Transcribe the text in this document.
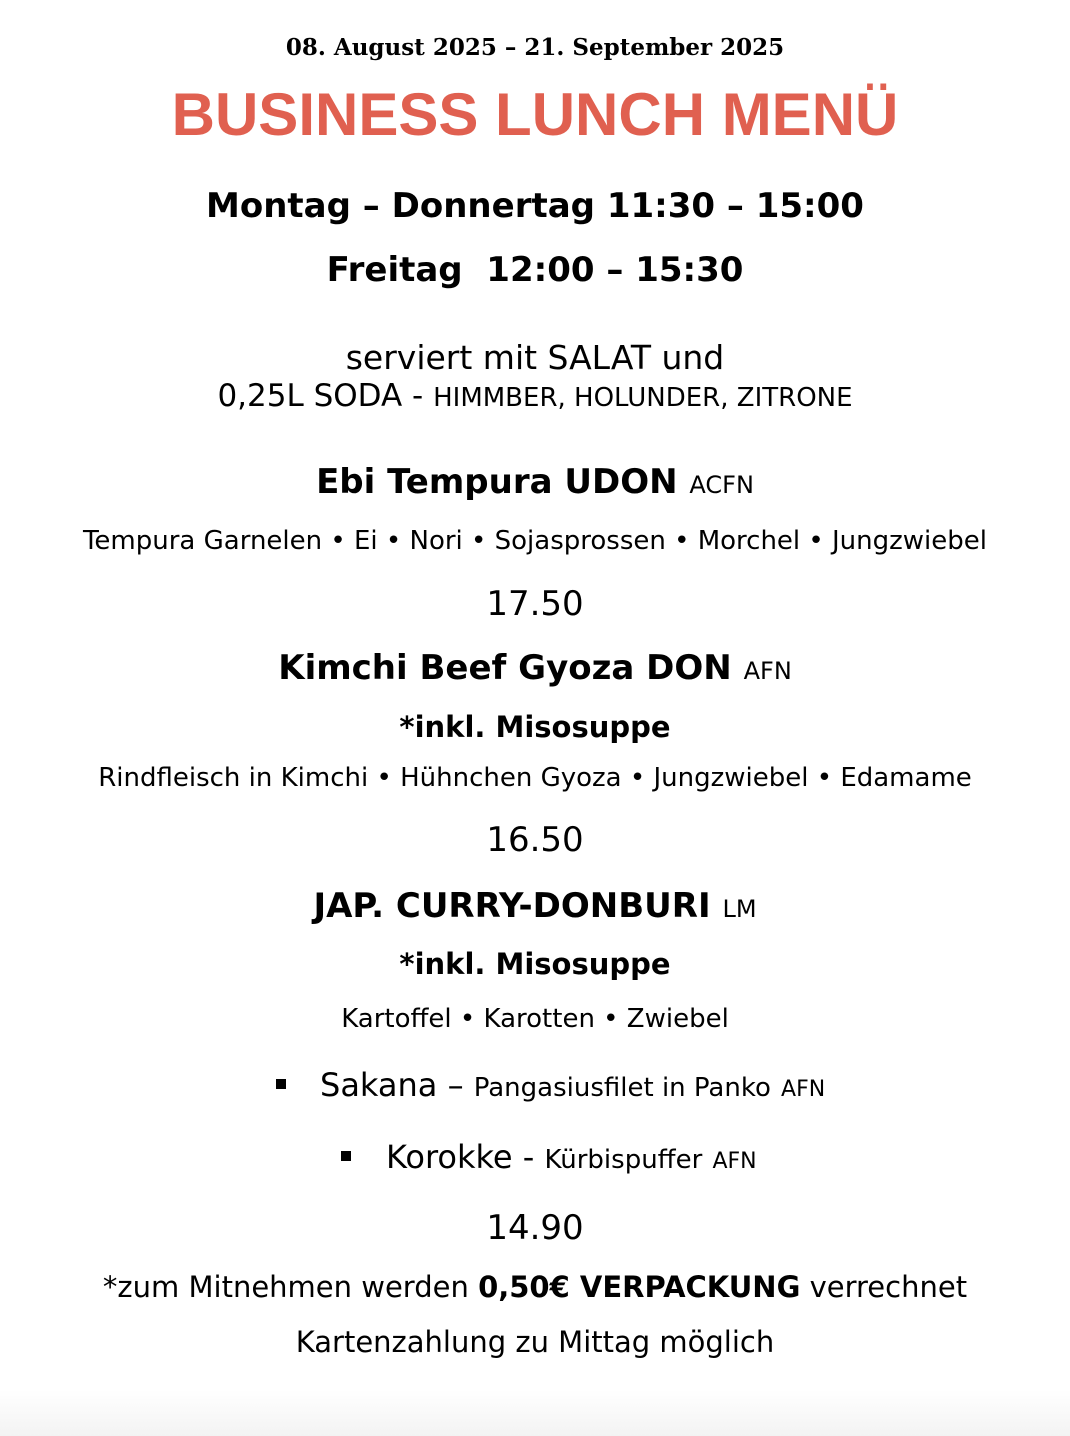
08. August 2025 – 21. September 2025
BUSINESS LUNCH MENÜ
Montag – Donnertag 11:30 – 15:00
Freitag  12:00 – 15:30
serviert mit SALAT und
0,25L SODA - HIMMBER, HOLUNDER, ZITRONE
Ebi Tempura UDON ACFN
Tempura Garnelen • Ei • Nori • Sojasprossen • Morchel • Jungzwiebel
17.50
Kimchi Beef Gyoza DON AFN
*inkl. Misosuppe
Rindfleisch in Kimchi • Hühnchen Gyoza • Jungzwiebel • Edamame
16.50
JAP. CURRY-DONBURI LM
*inkl. Misosuppe
Kartoffel • Karotten • Zwiebel
Sakana – Pangasiusfilet in Panko AFN
Korokke - Kürbispuffer AFN
14.90
*zum Mitnehmen werden 0,50€ VERPACKUNG verrechnet
Kartenzahlung zu Mittag möglich
